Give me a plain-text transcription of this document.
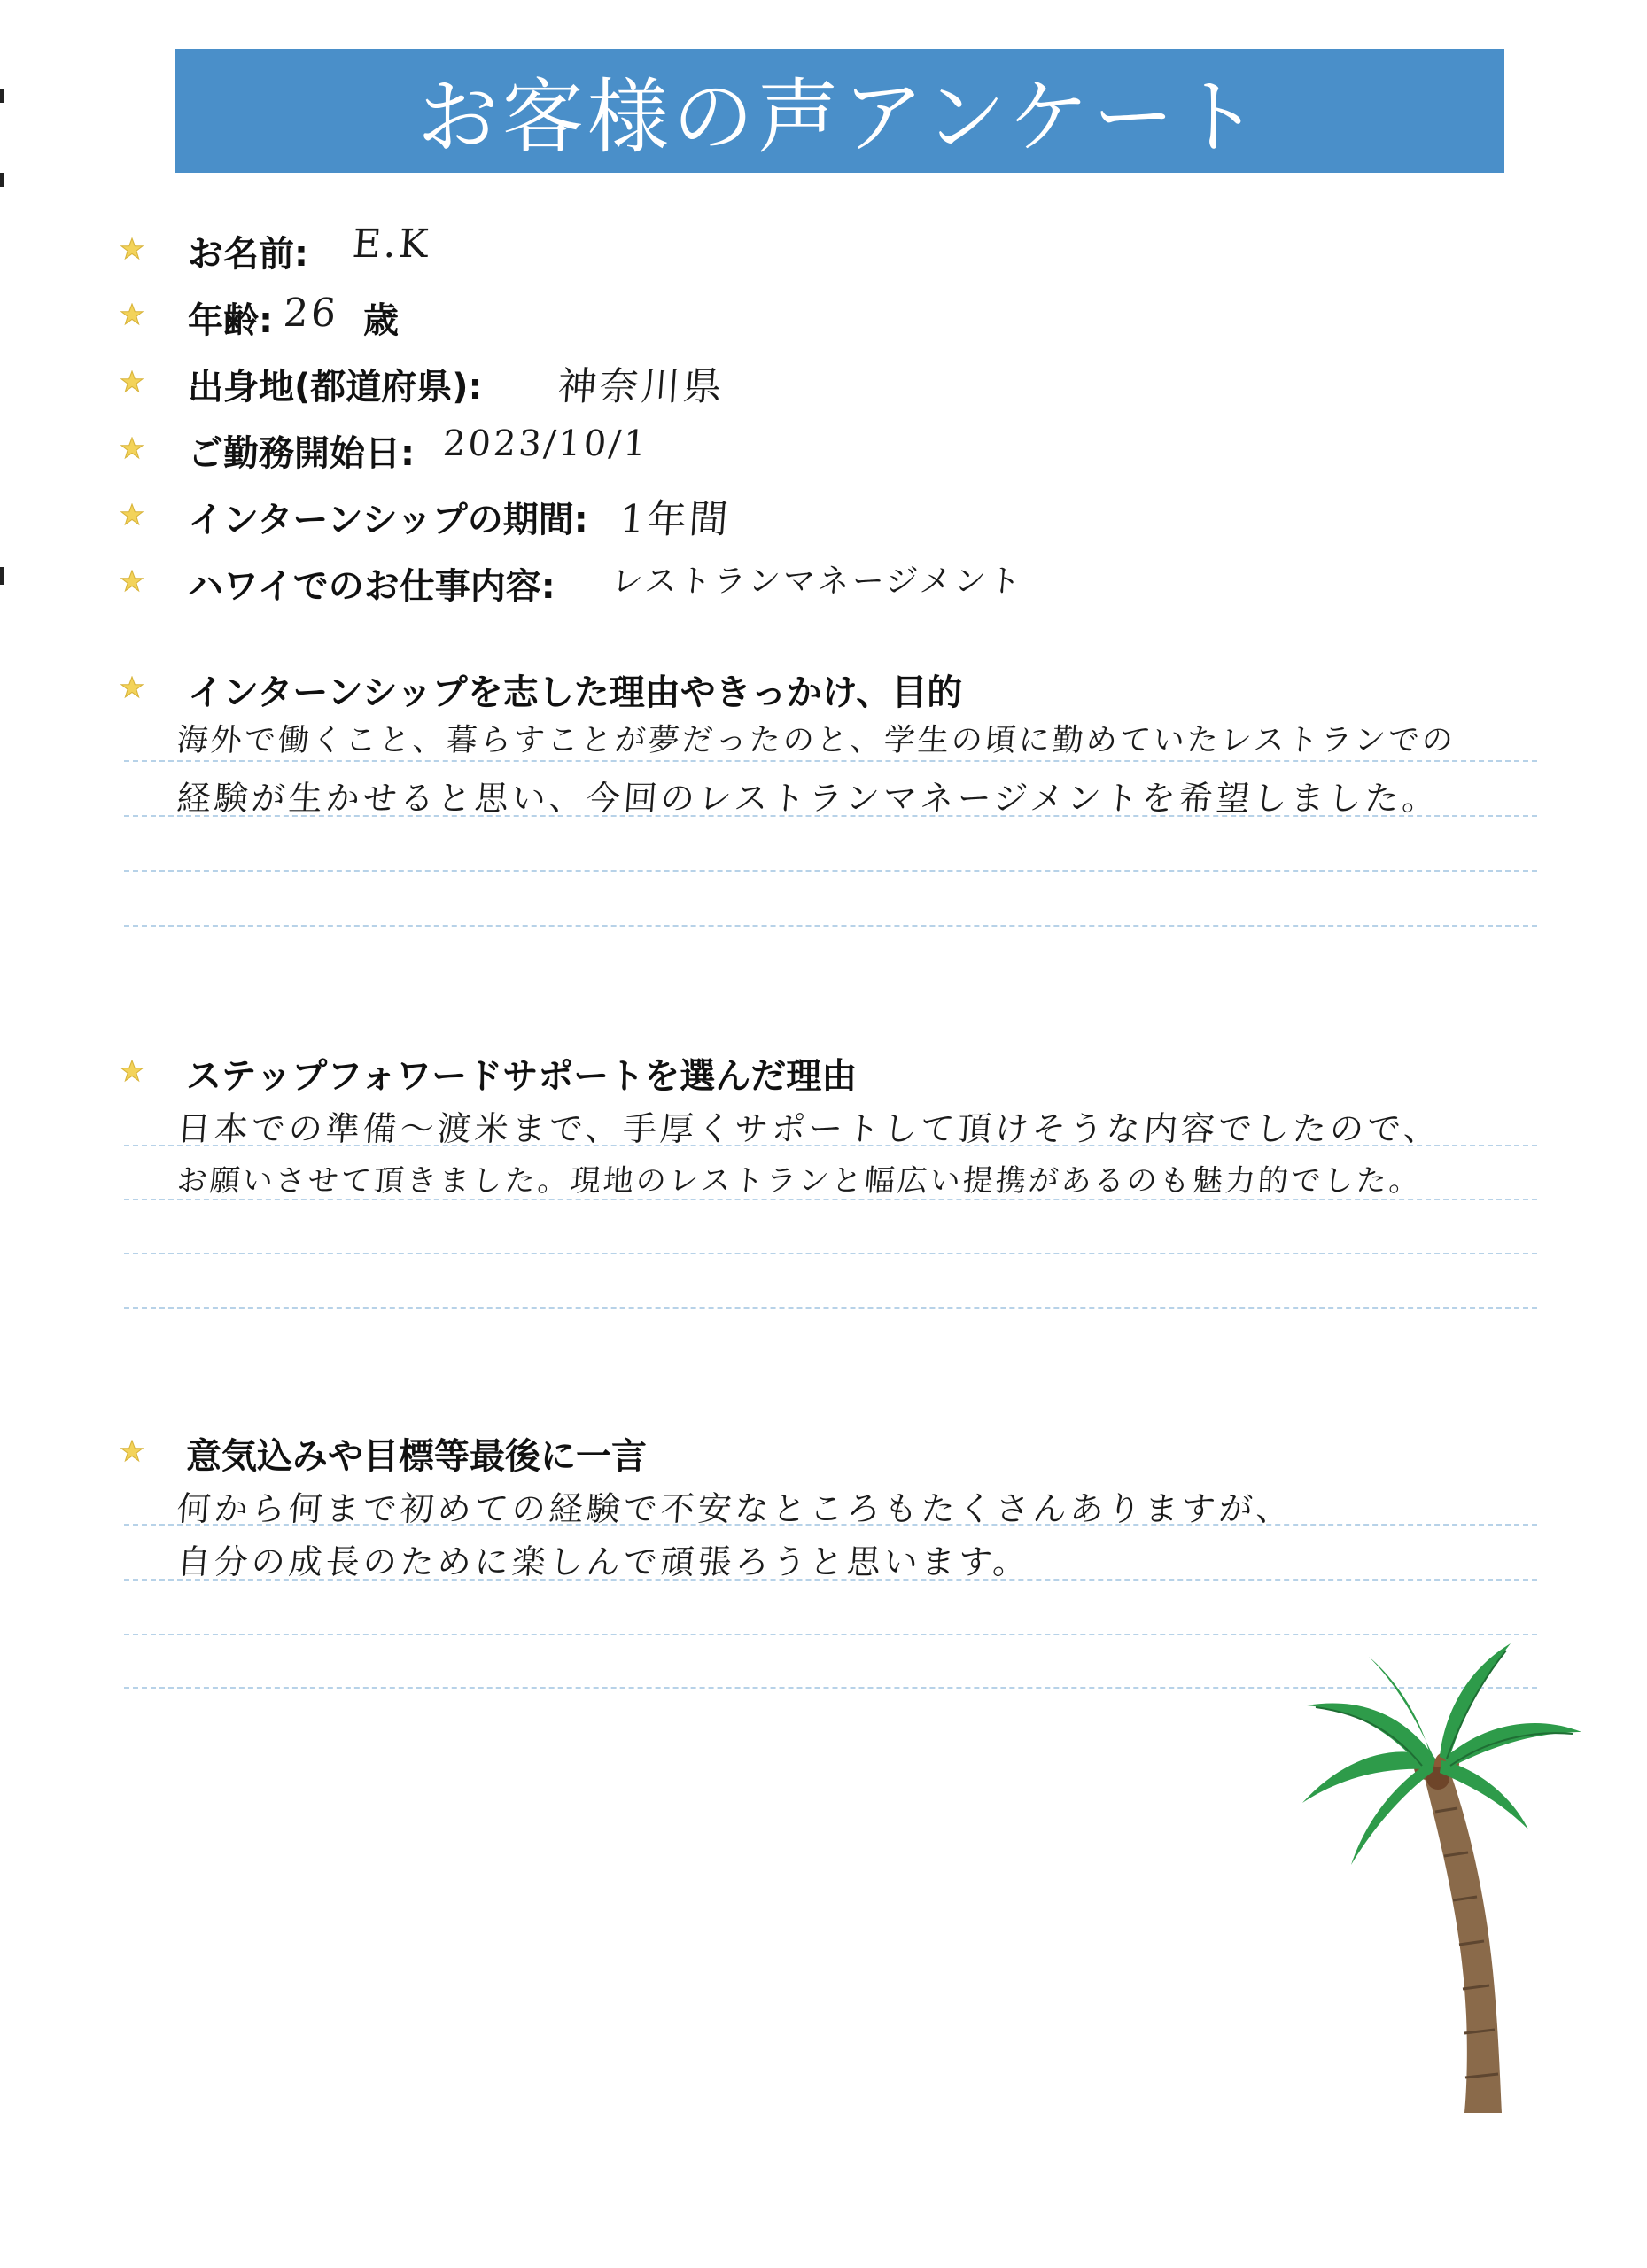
お客様の声アンケート
お名前: E.K
年齢: 26 歳
出身地(都道府県): 神奈川県
ご勤務開始日: 2023/10/1
インターンシップの期間: 1年間
ハワイでのお仕事内容: レストランマネージメント
インターンシップを志した理由やきっかけ、目的
海外で働くこと、暮らすことが夢だったのと、学生の頃に勤めていたレストランでの
経験が生かせると思い、今回のレストランマネージメントを希望しました。
ステップフォワードサポートを選んだ理由
日本での準備〜渡米まで、手厚くサポートして頂けそうな内容でしたので、
お願いさせて頂きました。現地のレストランと幅広い提携があるのも魅力的でした。
意気込みや目標等最後に一言
何から何まで初めての経験で不安なところもたくさんありますが、
自分の成長のために楽しんで頑張ろうと思います。
